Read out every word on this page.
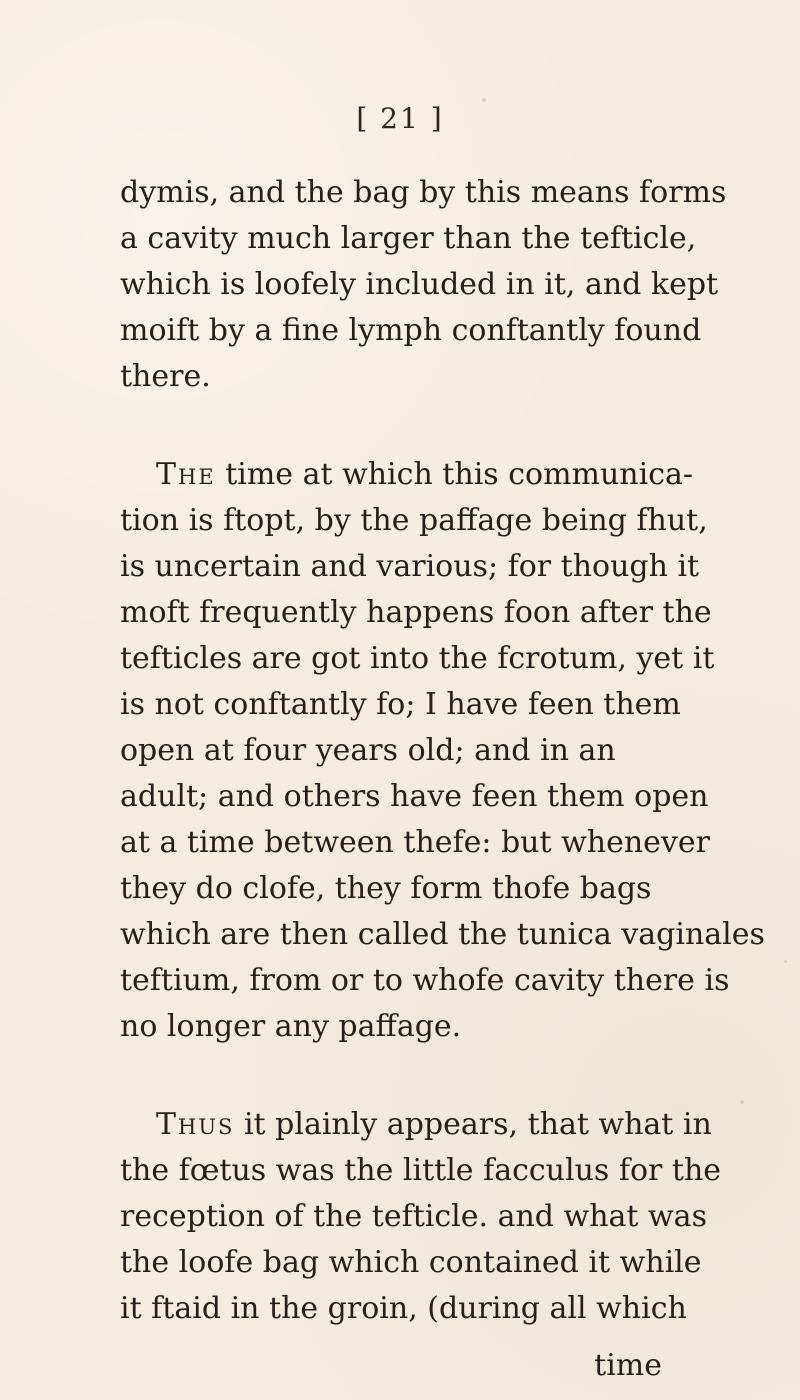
[ 21 ]
dymis, and the bag by this means forms
a cavity much larger than the tefticle,
which is loofely included in it, and kept
moift by a fine lymph conftantly found
there.
The time at which this communica-
tion is ftopt, by the paffage being fhut,
is uncertain and various; for though it
moft frequently happens foon after the
tefticles are got into the fcrotum, yet it
is not conftantly fo; I have feen them
open at four years old; and in an
adult; and others have feen them open
at a time between thefe: but whenever
they do clofe, they form thofe bags
which are then called the tunica vaginales
teftium, from or to whofe cavity there is
no longer any paffage.
Thus it plainly appears, that what in
the fœtus was the little facculus for the
reception of the tefticle. and what was
the loofe bag which contained it while
it ftaid in the groin, (during all which
time
